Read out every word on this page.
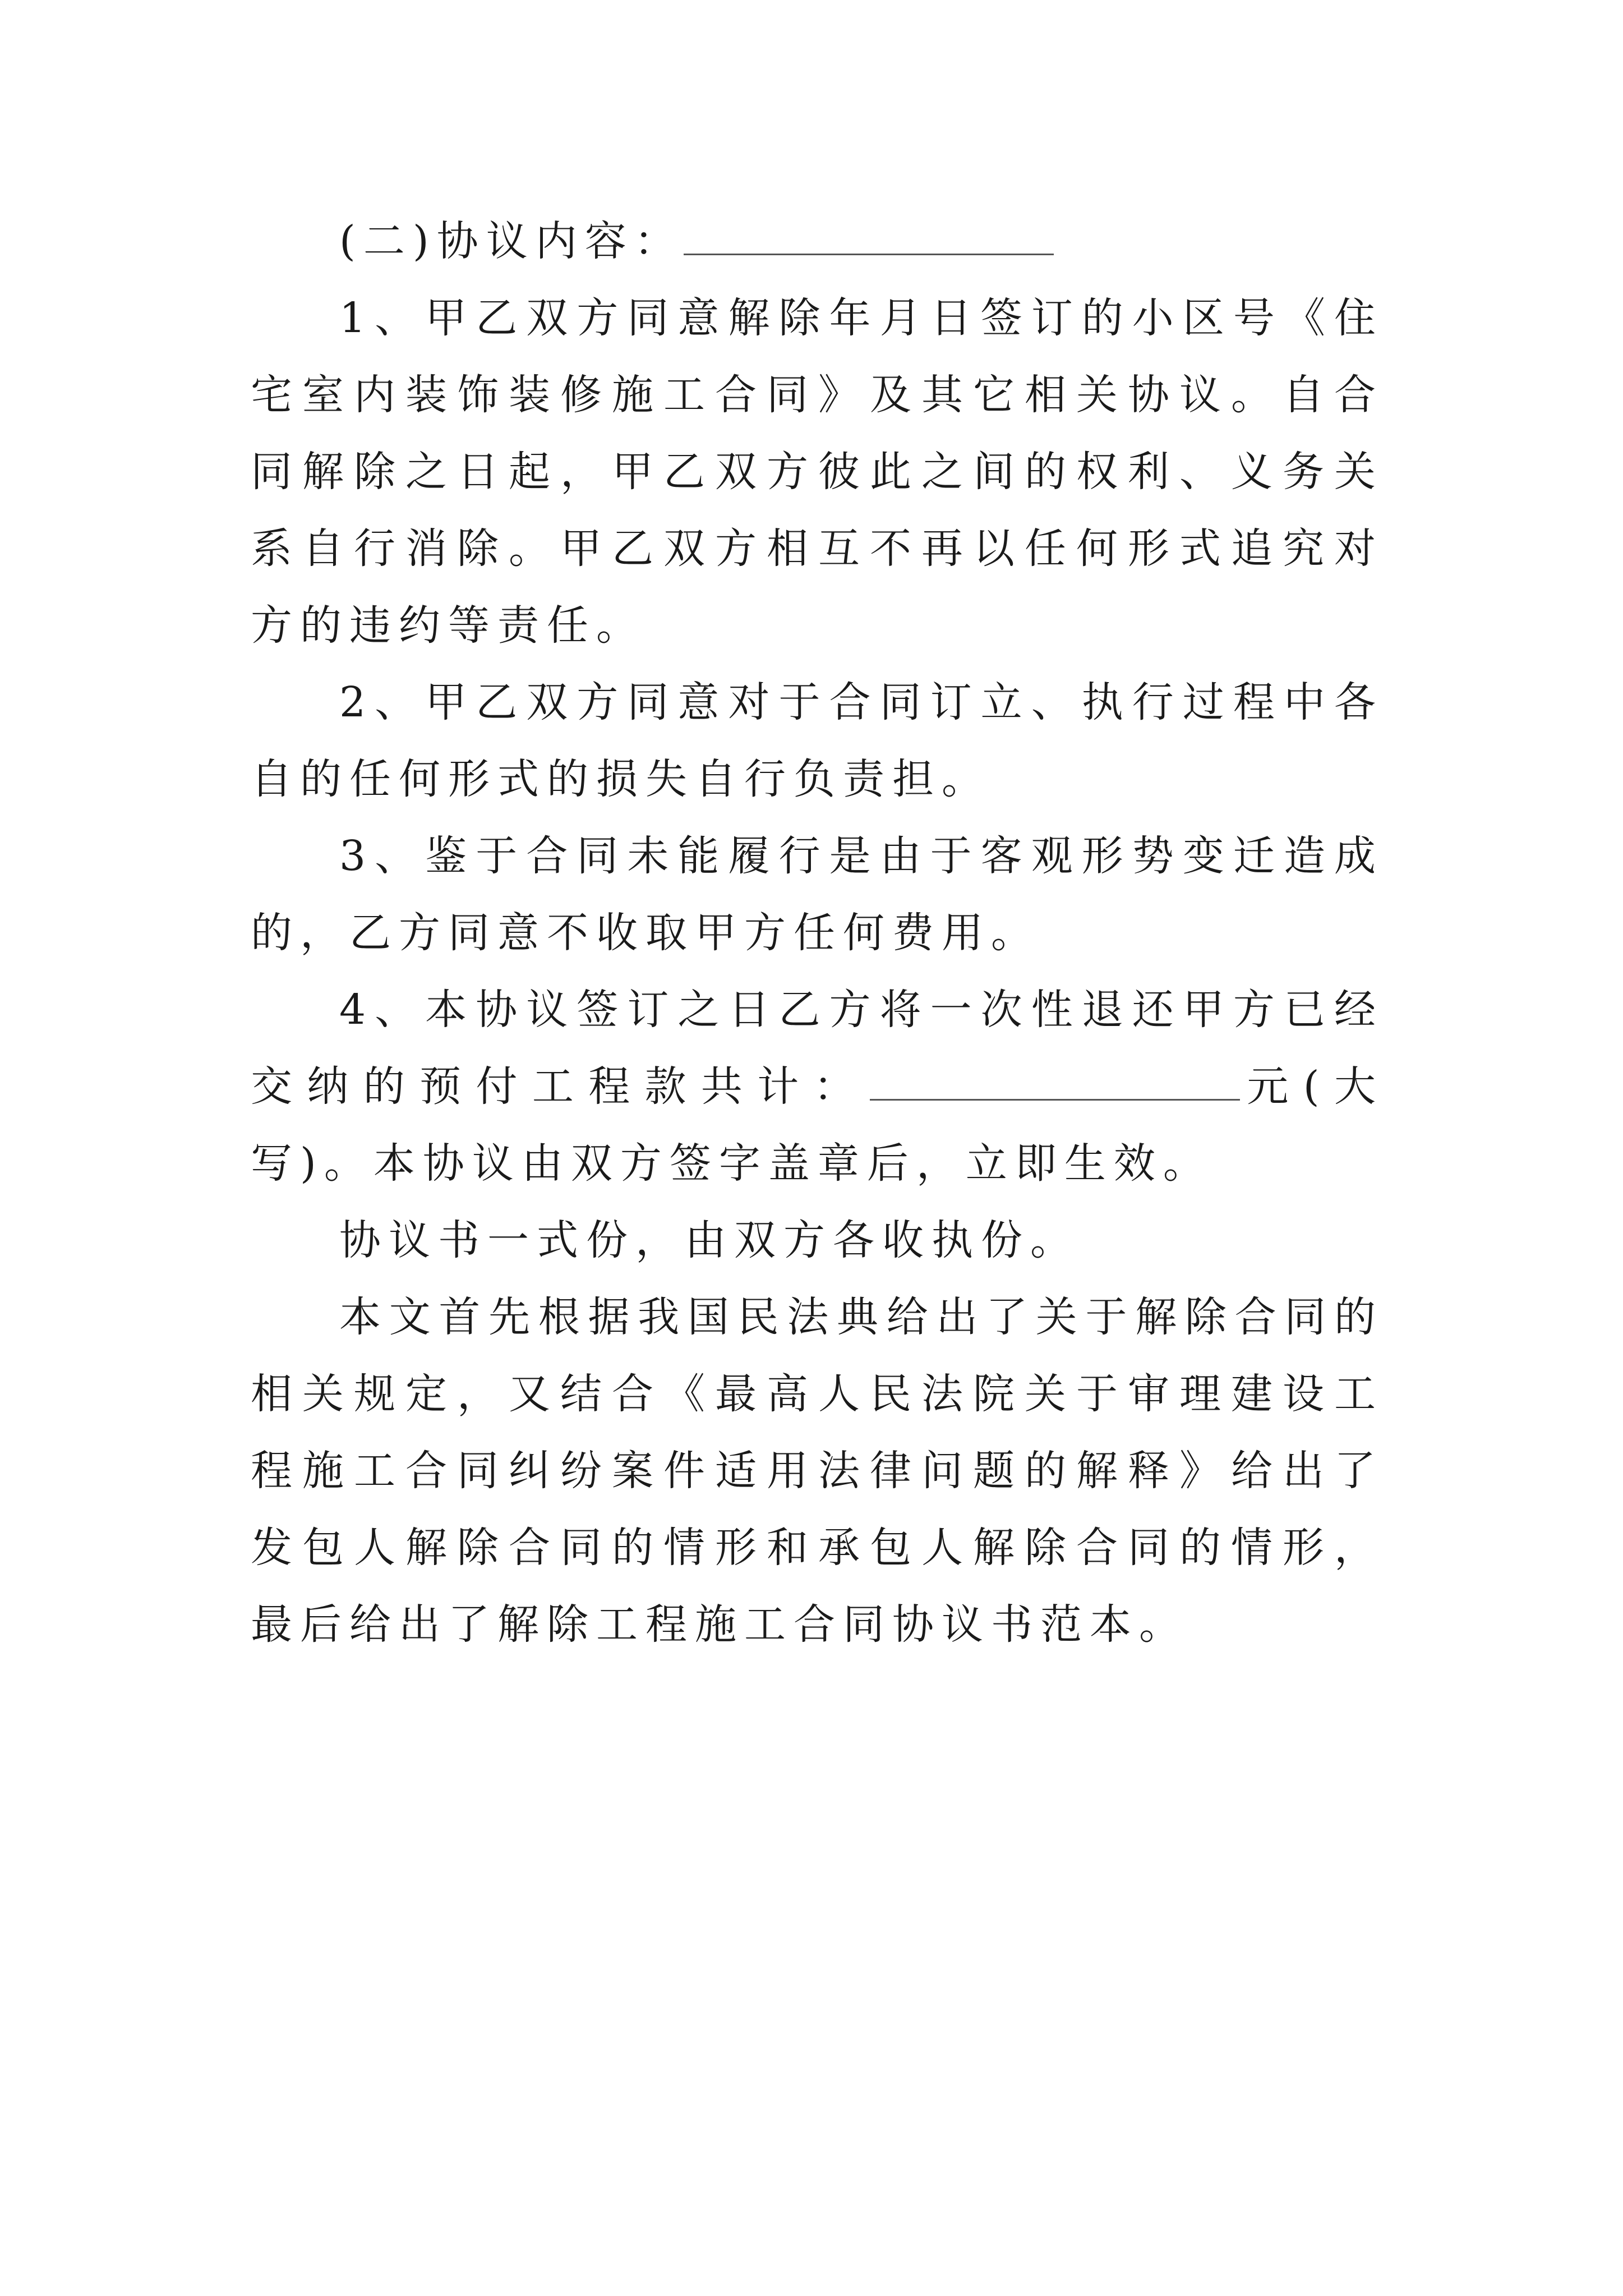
(二)协议内容：

1、甲乙双方同意解除年月日签订的小区号《住宅室内装饰装修施工合同》及其它相关协议。自合同解除之日起，甲乙双方彼此之间的权利、义务关系自行消除。甲乙双方相互不再以任何形式追究对方的违约等责任。

2、甲乙双方同意对于合同订立、执行过程中各自的任何形式的损失自行负责担。

3、鉴于合同未能履行是由于客观形势变迁造成的，乙方同意不收取甲方任何费用。

4、本协议签订之日乙方将一次性退还甲方已经交纳的预付工程款共计：	元(大写)。本协议由双方签字盖章后，立即生效。

协议书一式份，由双方各收执份。

本文首先根据我国民法典给出了关于解除合同的相关规定，又结合《最高人民法院关于审理建设工程施工合同纠纷案件适用法律问题的解释》给出了发包人解除合同的情形和承包人解除合同的情形，最后给出了解除工程施工合同协议书范本。
